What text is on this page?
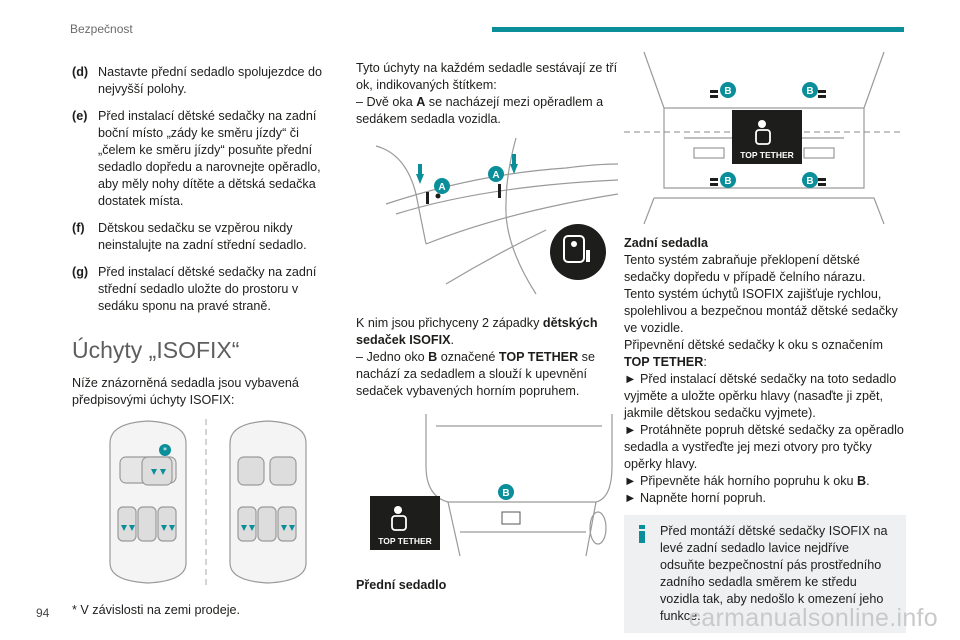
Bezpečnost
(d) Nastavte přední sedadlo spolujezdce do nejvyšší polohy.
(e) Před instalací dětské sedačky na zadní boční místo „zády ke směru jízdy“ či „čelem ke směru jízdy“ posuňte přední sedadlo dopředu a narovnejte opěradlo, aby měly nohy dítěte a dětská sedačka dostatek místa.
(f)	Dětskou sedačku se vzpěrou nikdy neinstalujte na zadní střední sedadlo.
(g) Před instalací dětské sedačky na zadní střední sedadlo uložte do prostoru v sedáku sponu na pravé straně.
Úchyty „ISOFIX“

Níže znázorněná sedadla jsou vybavená předpisovými úchyty ISOFIX:

*

* V závislosti na zemi prodeje.

Tyto úchyty na každém sedadle sestávají ze tří ok, indikovaných štítkem:

– Dvě oka A se nacházejí mezi opěradlem a sedákem sedadla vozidla.

A
A

K nim jsou přichyceny 2 západky dětských sedaček ISOFIX.

– Jedno oko B označené TOP TETHER se nachází za sedadlem a slouží k upevnění sedaček vybavených horním popruhem.

B
TOP TETHER

Přední sedadlo

B	B
B	B
TOP TETHER

Zadní sedadla

Tento systém zabraňuje překlopení dětské sedačky dopředu v případě čelního nárazu.

Tento systém úchytů ISOFIX zajišťuje rychlou, spolehlivou a bezpečnou montáž dětské sedačky ve vozidle.

Připevnění dětské sedačky k oku s označením TOP TETHER:

► Před instalací dětské sedačky na toto sedadlo vyjměte a uložte opěrku hlavy (nasaďte ji zpět, jakmile dětskou sedačku vyjmete).

► Protáhněte popruh dětské sedačky za opěradlo sedadla a vystřeďte jej mezi otvory pro tyčky opěrky hlavy.

► Připevněte hák horního popruhu k oku B.

► Napněte horní popruh.

Před montáží dětské sedačky ISOFIX na levé zadní sedadlo lavice nejdříve odsuňte bezpečnostní pás prostředního zadního sedadla směrem ke středu vozidla tak, aby nedošlo k omezení jeho funkce.

94	carmanualsonline.info
